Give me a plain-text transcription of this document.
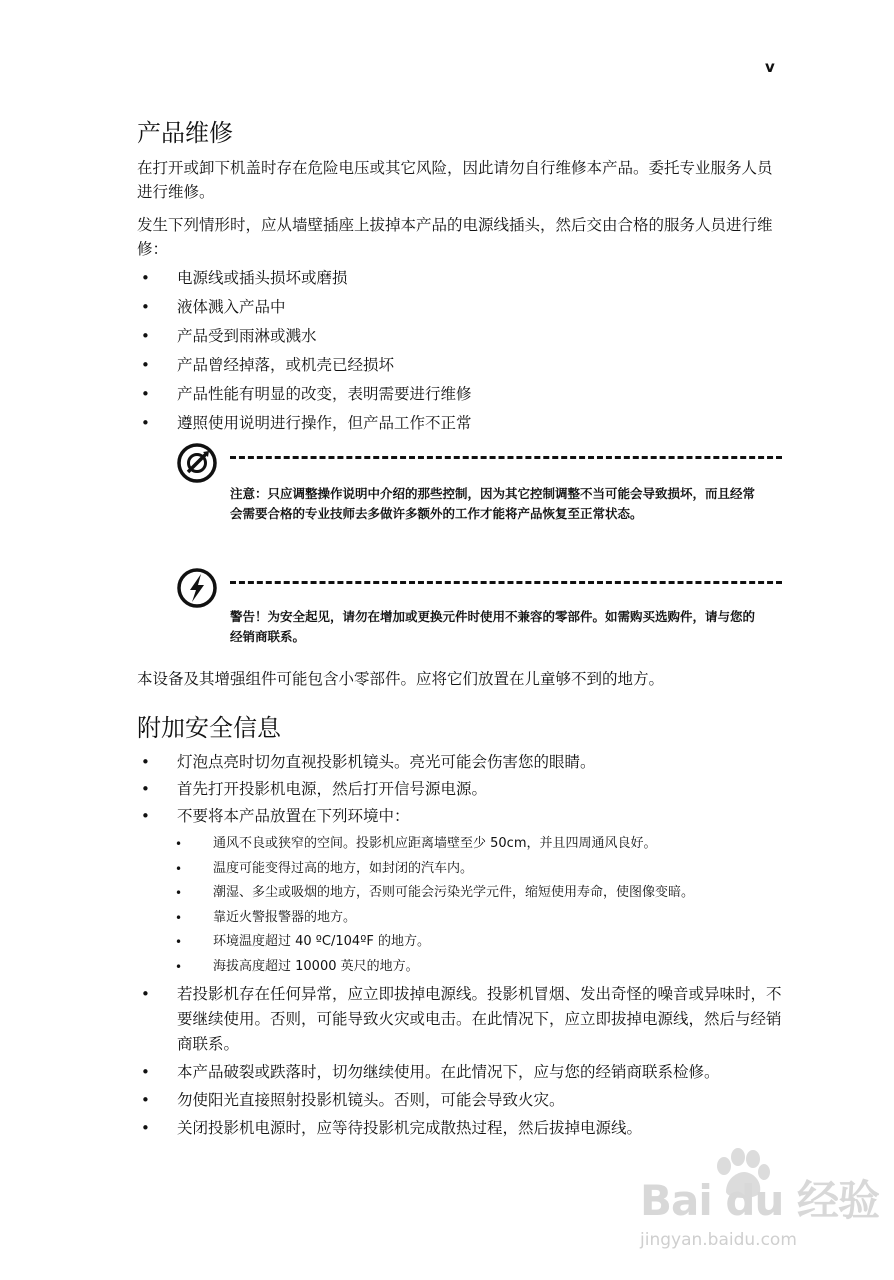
v
产品维修

在打开或卸下机盖时存在危险电压或其它风险，因此请勿自行维修本产品。委托专业服务人员进行维修。

发生下列情形时，应从墙壁插座上拔掉本产品的电源线插头，然后交由合格的服务人员进行维修：

• 电源线或插头损坏或磨损
• 液体溅入产品中
• 产品受到雨淋或溅水
• 产品曾经掉落，或机壳已经损坏
• 产品性能有明显的改变，表明需要进行维修
• 遵照使用说明进行操作，但产品工作不正常
注意：只应调整操作说明中介绍的那些控制，因为其它控制调整不当可能会导致损坏，而且经常会需要合格的专业技师去多做许多额外的工作才能将产品恢复至正常状态。
警告！为安全起见，请勿在增加或更换元件时使用不兼容的零部件。如需购买选购件，请与您的经销商联系。

本设备及其增强组件可能包含小零部件。应将它们放置在儿童够不到的地方。

附加安全信息
• 灯泡点亮时切勿直视投影机镜头。亮光可能会伤害您的眼睛。
• 首先打开投影机电源，然后打开信号源电源。
• 不要将本产品放置在下列环境中：
• 通风不良或狭窄的空间。投影机应距离墙壁至少 50cm，并且四周通风良好。
• 温度可能变得过高的地方，如封闭的汽车内。
• 潮湿、多尘或吸烟的地方，否则可能会污染光学元件，缩短使用寿命，使图像变暗。
• 靠近火警报警器的地方。
• 环境温度超过 40 ºC/104ºF 的地方。
• 海拔高度超过 10000 英尺的地方。
• 若投影机存在任何异常，应立即拔掉电源线。投影机冒烟、发出奇怪的噪音或异味时，不要继续使用。否则，可能导致火灾或电击。在此情况下，应立即拔掉电源线，然后与经销商联系。
• 本产品破裂或跌落时，切勿继续使用。在此情况下，应与您的经销商联系检修。
• 勿使阳光直接照射投影机镜头。否则，可能会导致火灾。
• 关闭投影机电源时，应等待投影机完成散热过程，然后拔掉电源线。
Bai du 经验
jingyan.baidu.com
